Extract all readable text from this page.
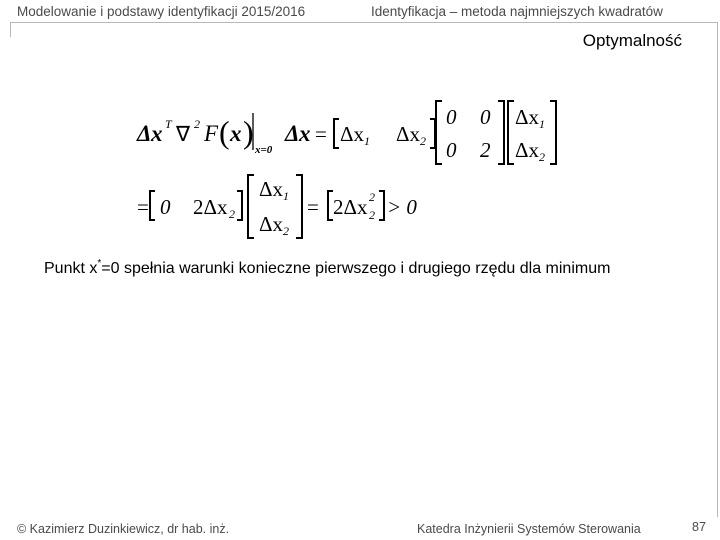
Modelowanie i podstawy identyfikacji 2015/2016	Identyfikacja – metoda najmniejszych kwadratów
Optymalność
Δ x T ∇ 2 F ( x ) x=0
Δ x = Δx 1 Δx 2
0 0
0 2
Δx 1
Δx 2
= 0 2Δx 2
Δx 1
Δx 2
= 2Δx 2
2 > 0
Punkt x*=0 spełnia warunki konieczne pierwszego i drugiego rzędu dla minimum
© Kazimierz Duzinkiewicz, dr hab. inż.	Katedra Inżynierii Systemów Sterowania	87
